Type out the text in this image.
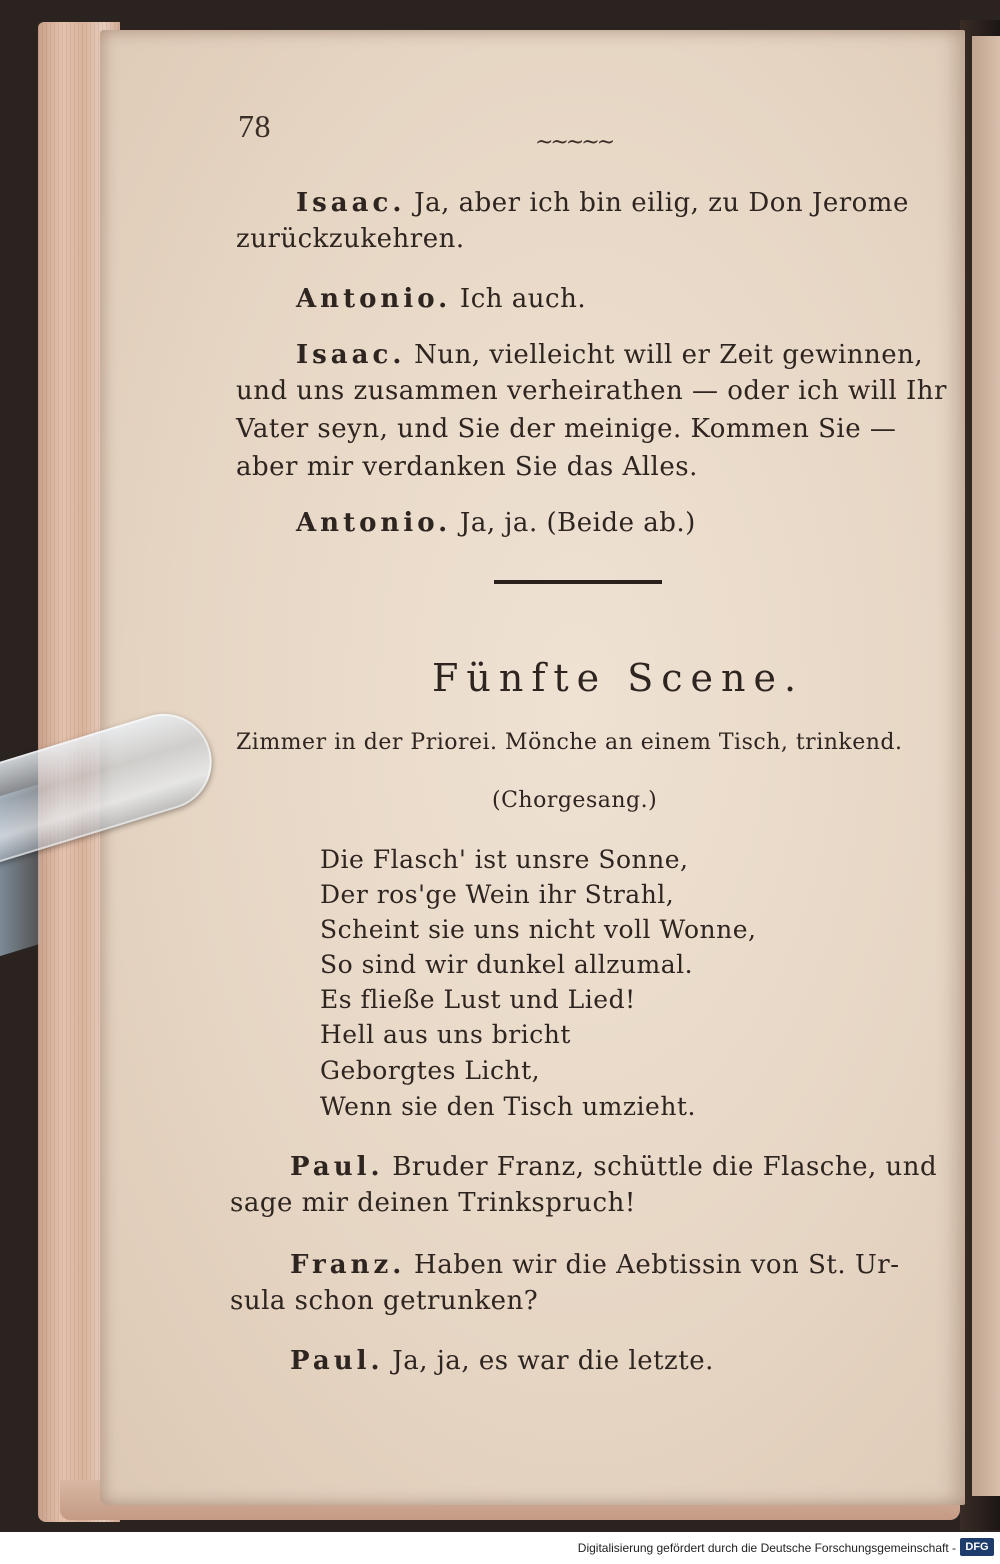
78	~~~~~
Isaac. Ja, aber ich bin eilig, zu Don Jerome
zurückzukehren.
Antonio. Ich auch.
Isaac. Nun, vielleicht will er Zeit gewinnen,
und uns zusammen verheirathen — oder ich will Ihr
Vater seyn, und Sie der meinige. Kommen Sie —
aber mir verdanken Sie das Alles.
Antonio. Ja, ja. (Beide ab.)
Fünfte Scene.
Zimmer in der Priorei. Mönche an einem Tisch, trinkend.
(Chorgesang.)
Die Flasch' ist unsre Sonne,
Der ros'ge Wein ihr Strahl,
Scheint sie uns nicht voll Wonne,
So sind wir dunkel allzumal.
Es fließe Lust und Lied!
Hell aus uns bricht
Geborgtes Licht,
Wenn sie den Tisch umzieht.
Paul. Bruder Franz, schüttle die Flasche, und
sage mir deinen Trinkspruch!
Franz. Haben wir die Aebtissin von St. Ur-
sula schon getrunken?
Paul. Ja, ja, es war die letzte.
Digitalisierung gefördert durch die Deutsche Forschungsgemeinschaft - DFG
